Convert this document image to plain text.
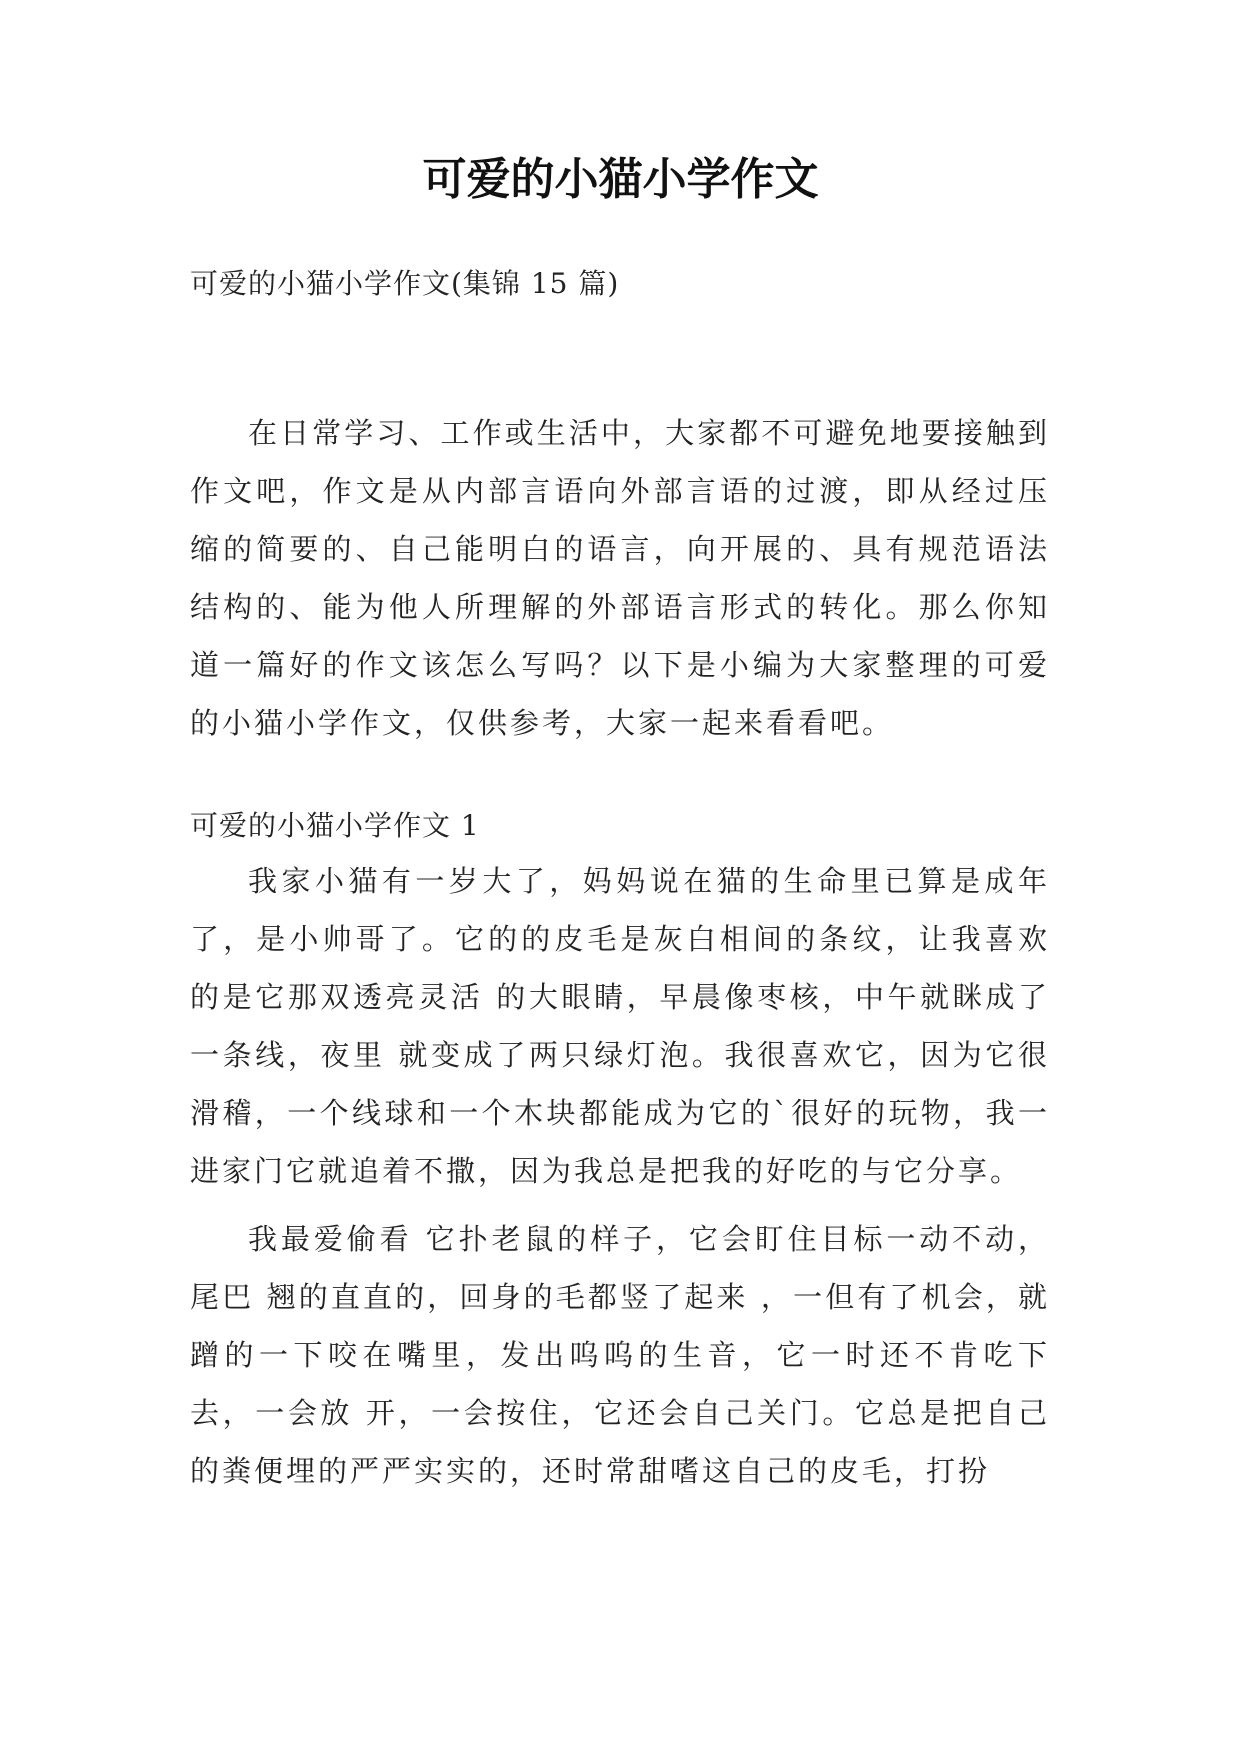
可爱的小猫小学作文

可爱的小猫小学作文(集锦 15 篇)

在日常学习、工作或生活中，大家都不可避免地要接触到作文吧，作文是从内部言语向外部言语的过渡，即从经过压缩的简要的、自己能明白的语言，向开展的、具有规范语法结构的、能为他人所理解的外部语言形式的转化。那么你知道一篇好的作文该怎么写吗？以下是小编为大家整理的可爱的小猫小学作文，仅供参考，大家一起来看看吧。

可爱的小猫小学作文 1

我家小猫有一岁大了，妈妈说在猫的生命里已算是成年了，是小帅哥了。它的的皮毛是灰白相间的条纹，让我喜欢的是它那双透亮灵活 的大眼睛，早晨像枣核，中午就眯成了一条线，夜里 就变成了两只绿灯泡。我很喜欢它，因为它很滑稽，一个线球和一个木块都能成为它的`很好的玩物，我一进家门它就追着不撒，因为我总是把我的好吃的与它分享。

我最爱偷看 它扑老鼠的样子，它会盯住目标一动不动，尾巴 翘的直直的，回身的毛都竖了起来 ，一但有了机会，就蹭的一下咬在嘴里，发出呜呜的生音，它一时还不肯吃下去，一会放 开，一会按住，它还会自己关门。它总是把自己的粪便埋的严严实实的，还时常甜嗜这自己的皮毛，打扮
